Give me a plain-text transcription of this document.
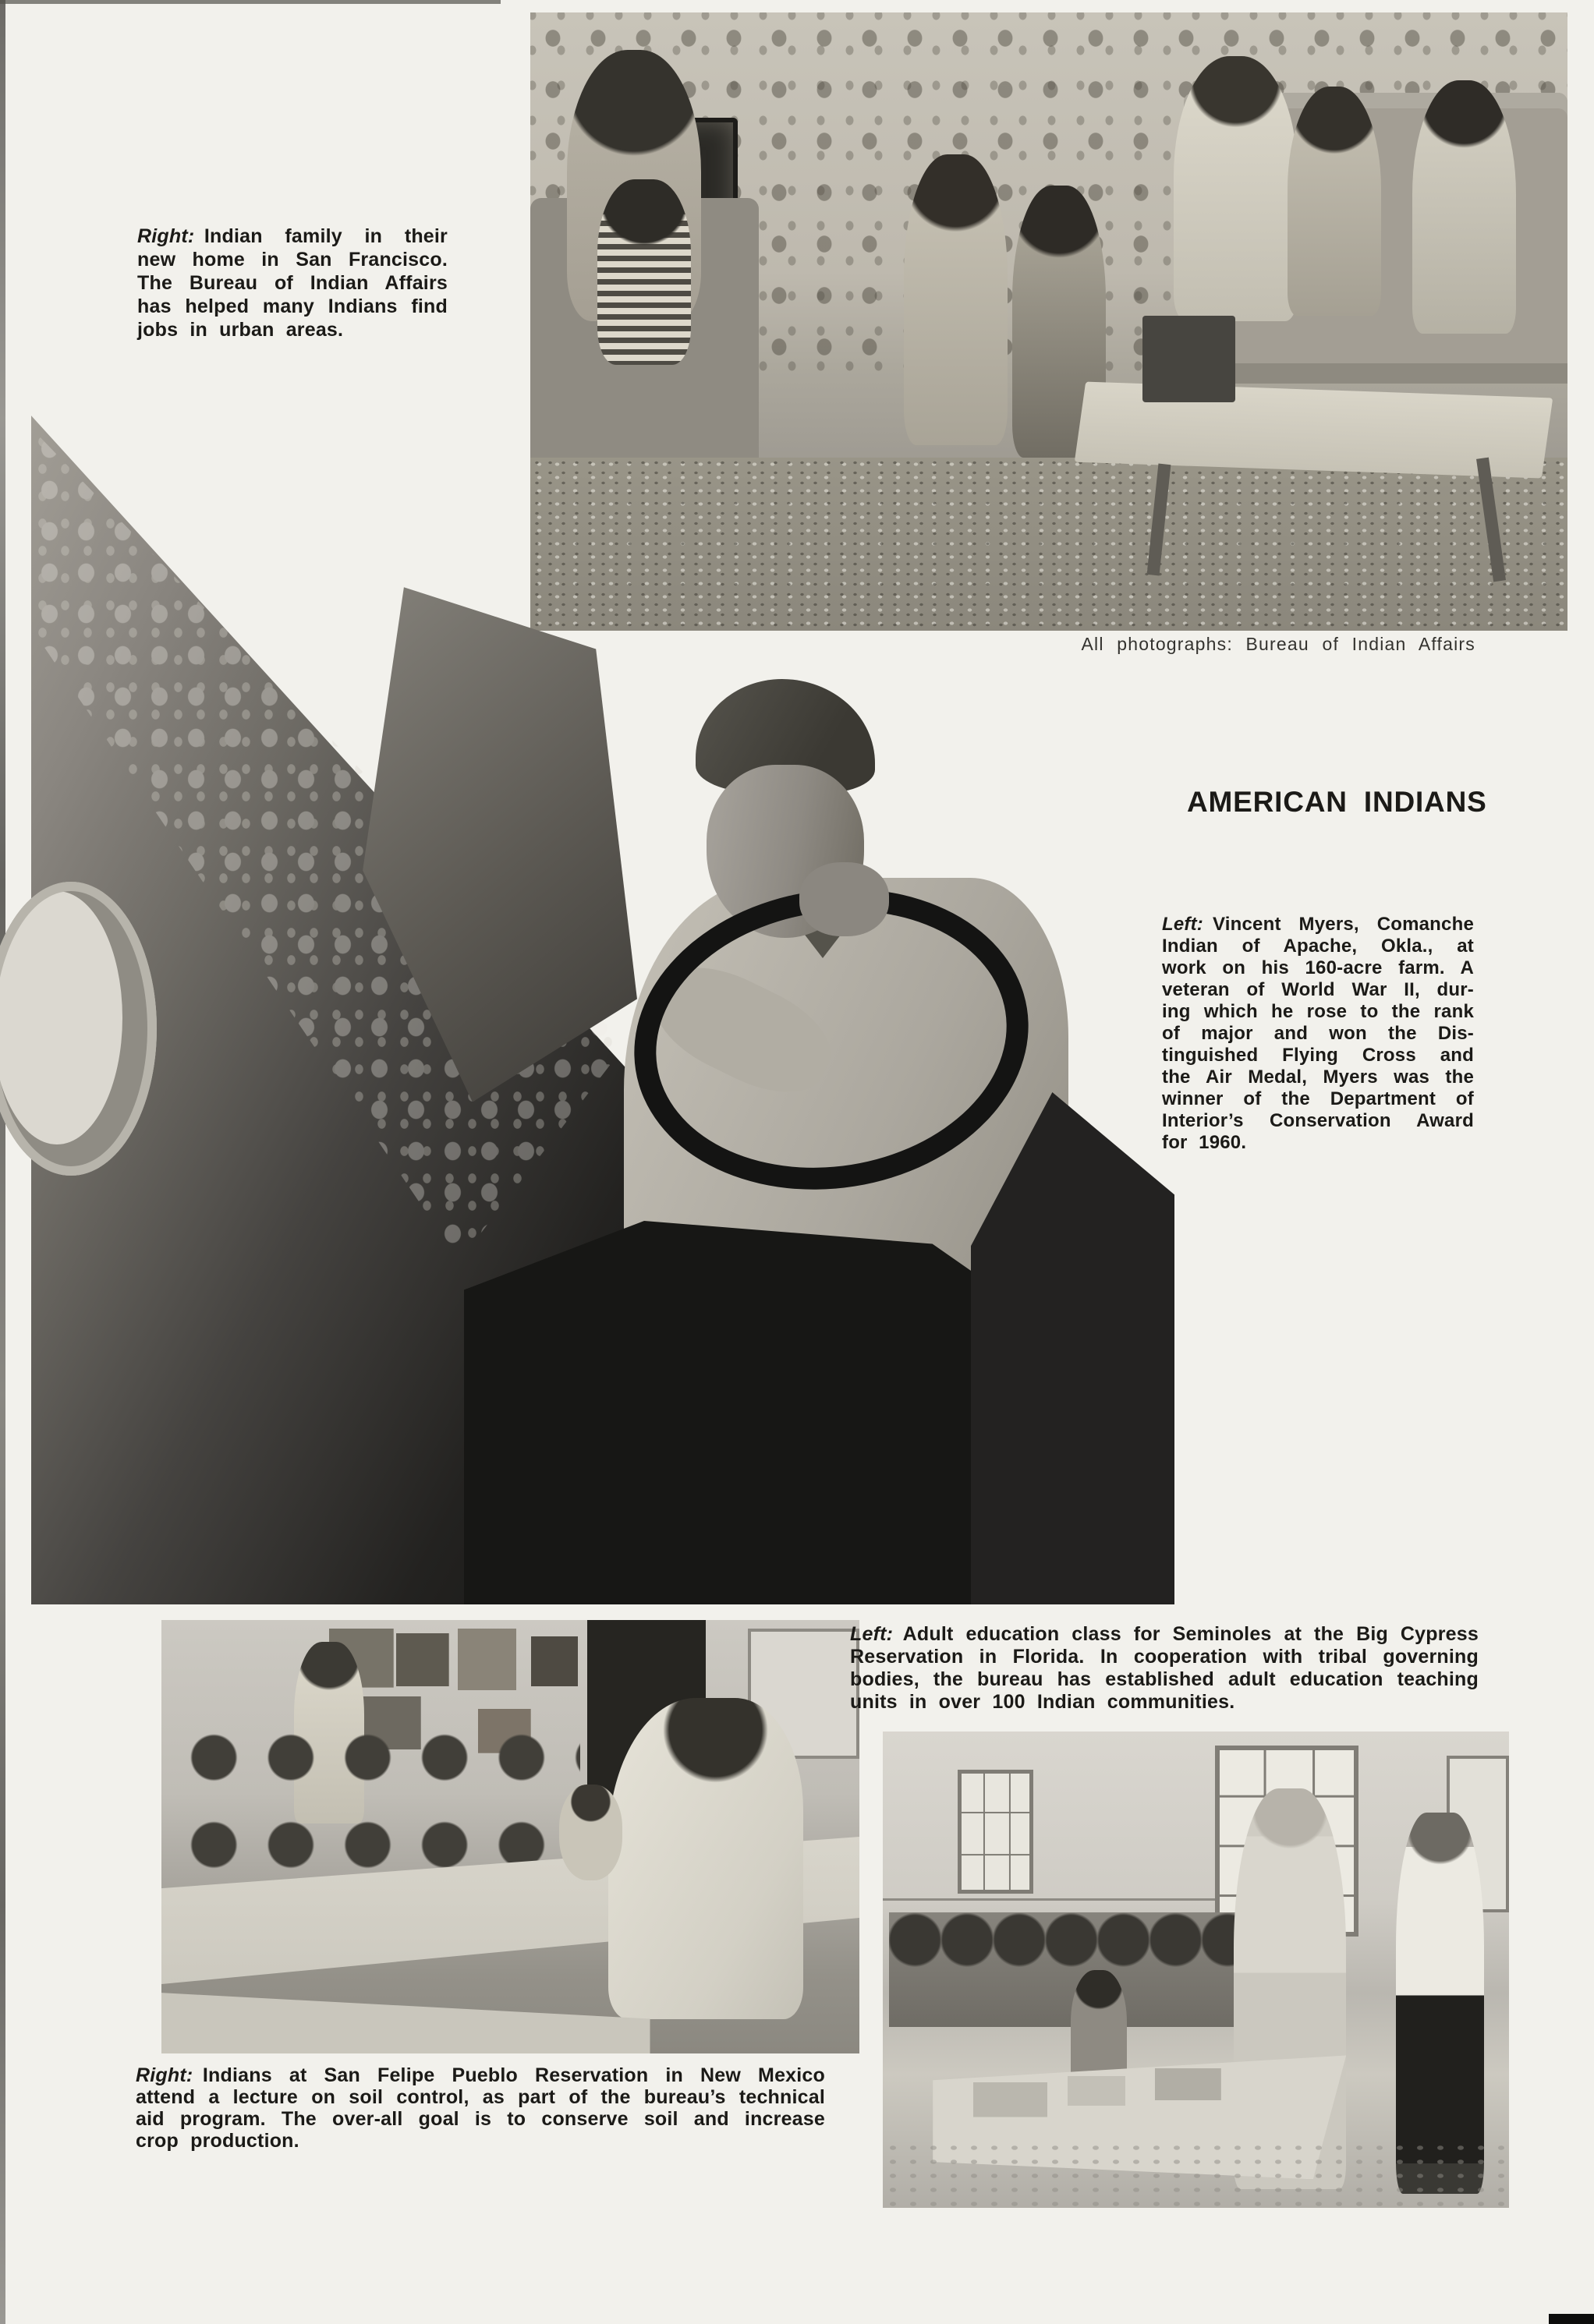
Right: Indian family in their
new home in San Francisco.
The Bureau of Indian Affairs
has helped many Indians find
jobs in urban areas.
All photographs: Bureau of Indian Affairs
AMERICAN INDIANS
Left: Vincent Myers, Comanche
Indian of Apache, Okla., at
work on his 160-acre farm. A
veteran of World War II, dur-
ing which he rose to the rank
of major and won the Dis-
tinguished Flying Cross and
the Air Medal, Myers was the
winner of the Department of
Interior’s Conservation Award
for 1960.
Left: Adult education class for Seminoles at the Big Cypress
Reservation in Florida. In cooperation with tribal governing
bodies, the bureau has established adult education teaching
units in over 100 Indian communities.
Right: Indians at San Felipe Pueblo Reservation in New Mexico
attend a lecture on soil control, as part of the bureau’s technical
aid program. The over-all goal is to conserve soil and increase
crop production.
